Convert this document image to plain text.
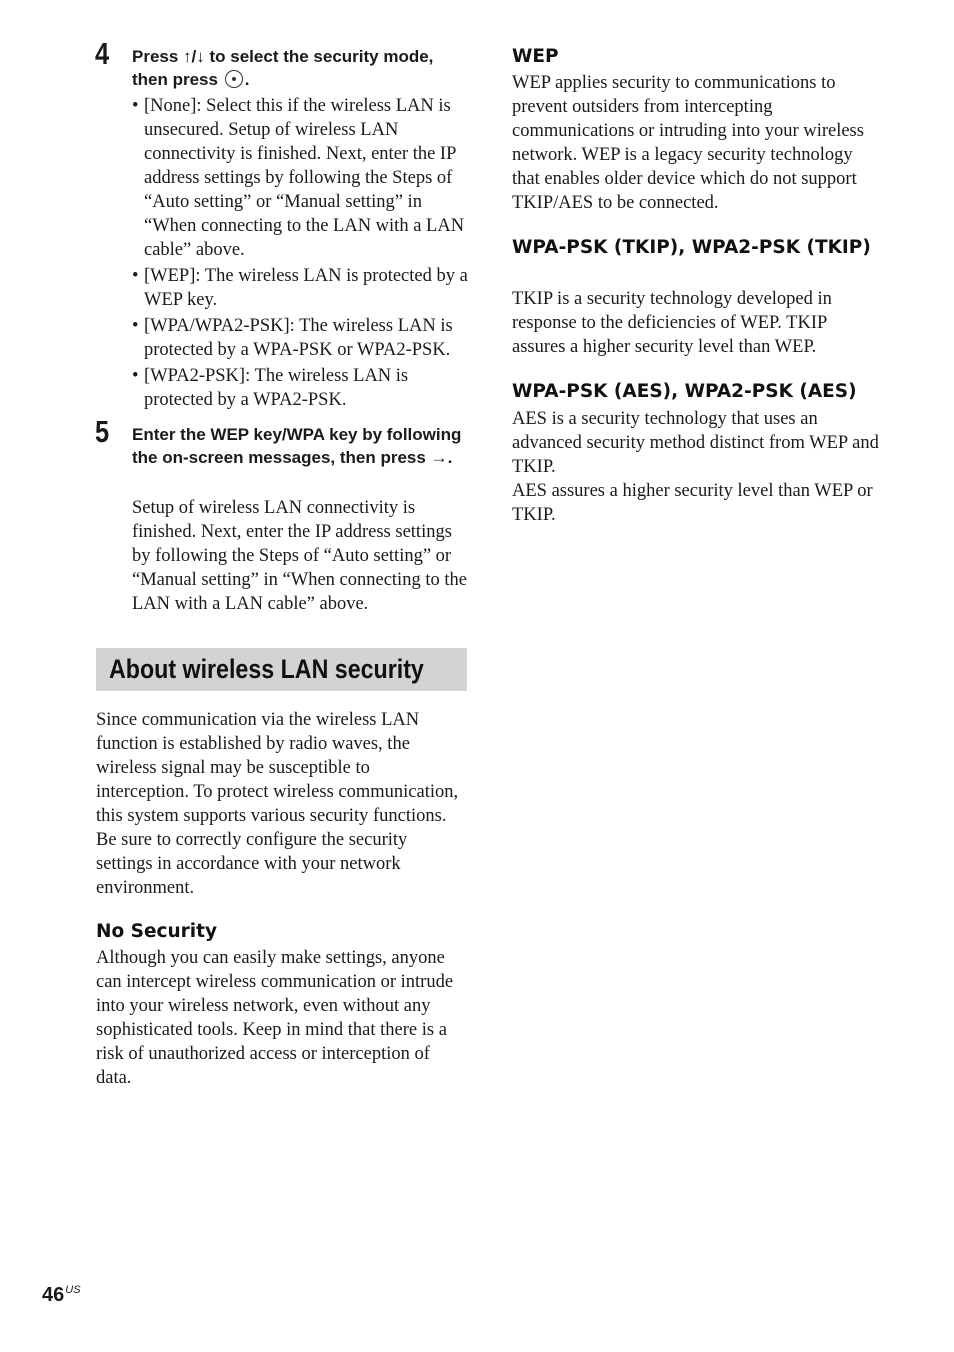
4 Press ↑/↓ to select the security mode, then press .
• [None]: Select this if the wireless LAN is unsecured. Setup of wireless LAN connectivity is finished. Next, enter the IP address settings by following the Steps of “Auto setting” or “Manual setting” in “When connecting to the LAN with a LAN cable” above.
• [WEP]: The wireless LAN is protected by a WEP key.
• [WPA/WPA2-PSK]: The wireless LAN is protected by a WPA-PSK or WPA2-PSK.
• [WPA2-PSK]: The wireless LAN is protected by a WPA2-PSK.
5 Enter the WEP key/WPA key by following the on-screen messages, then press →.
Setup of wireless LAN connectivity is finished. Next, enter the IP address settings by following the Steps of “Auto setting” or “Manual setting” in “When connecting to the LAN with a LAN cable” above.
About wireless LAN security
Since communication via the wireless LAN function is established by radio waves, the wireless signal may be susceptible to interception. To protect wireless communication, this system supports various security functions. Be sure to correctly configure the security settings in accordance with your network environment.
No Security
Although you can easily make settings, anyone can intercept wireless communication or intrude into your wireless network, even without any sophisticated tools. Keep in mind that there is a risk of unauthorized access or interception of data.
$46^{US}$
WEP
WEP applies security to communications to prevent outsiders from intercepting communications or intruding into your wireless network. WEP is a legacy security technology that enables older device which do not support TKIP/AES to be connected.
WPA-PSK (TKIP), WPA2-PSK (TKIP)
TKIP is a security technology developed in response to the deficiencies of WEP. TKIP assures a higher security level than WEP.
WPA-PSK (AES), WPA2-PSK (AES)
AES is a security technology that uses an advanced security method distinct from WEP and TKIP.
AES assures a higher security level than WEP or TKIP.
